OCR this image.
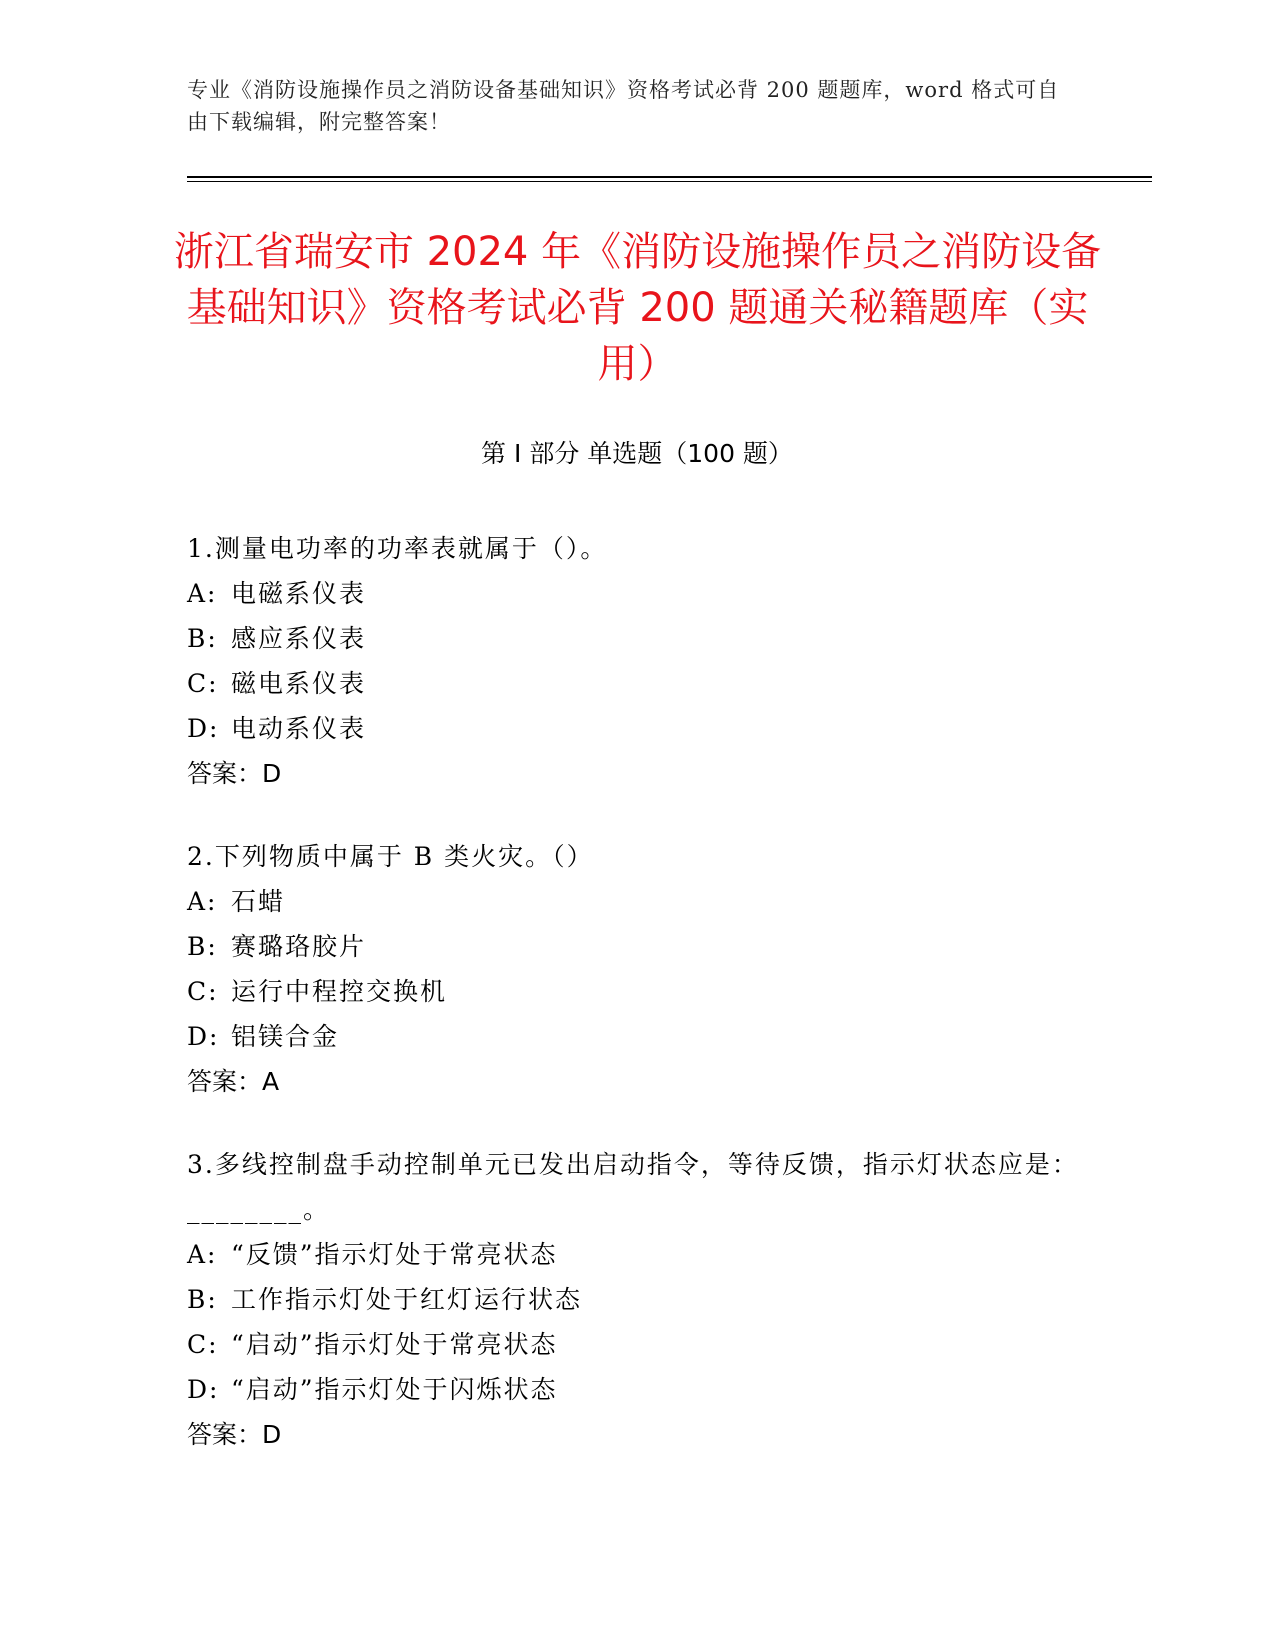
专业《消防设施操作员之消防设备基础知识》资格考试必背 200 题题库，word 格式可自由下载编辑，附完整答案！
浙江省瑞安市 2024 年《消防设施操作员之消防设备基础知识》资格考试必背 200 题通关秘籍题库（实用）
第 I 部分 单选题（100 题）
1.测量电功率的功率表就属于（）。
A: 电磁系仪表
B: 感应系仪表
C: 磁电系仪表
D: 电动系仪表
答案：D
2.下列物质中属于 B 类火灾。（）
A: 石蜡
B: 赛璐珞胶片
C: 运行中程控交换机
D: 铝镁合金
答案：A
3.多线控制盘手动控制单元已发出启动指令，等待反馈，指示灯状态应是：________。
A: “反馈”指示灯处于常亮状态
B: 工作指示灯处于红灯运行状态
C: “启动”指示灯处于常亮状态
D: “启动”指示灯处于闪烁状态
答案：D
